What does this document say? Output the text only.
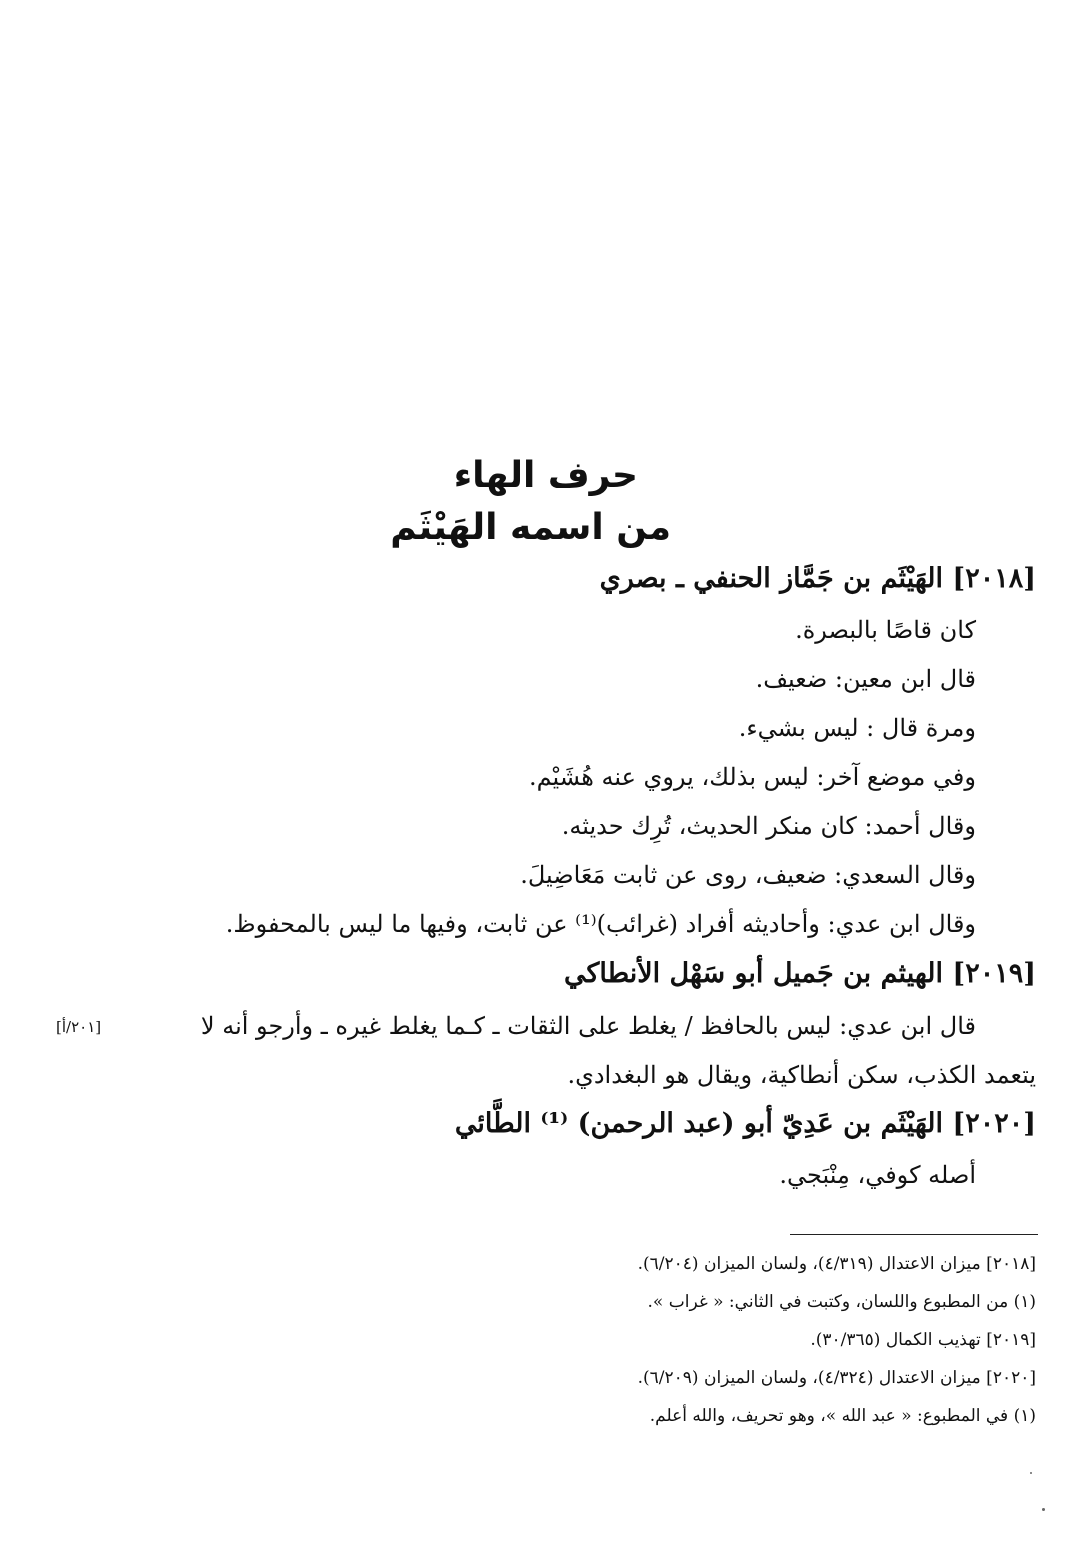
حرف الهاء
من اسمه الهَيْثَم
[٢٠١٨] الهَيْثَم بن جَمَّاز الحنفي ـ بصري
كان قاصًا بالبصرة.
قال ابن معين: ضعيف.
ومرة قال : ليس بشيء.
وفي موضع آخر: ليس بذلك، يروي عنه هُشَيْم.
وقال أحمد: كان منكر الحديث، تُرِك حديثه.
وقال السعدي: ضعيف، روى عن ثابت مَعَاضِيلَ.
وقال ابن عدي: وأحاديثه أفراد (غرائب)⁽¹⁾ عن ثابت، وفيها ما ليس بالمحفوظ.
[٢٠١٩] الهيثم بن جَميل أبو سَهْل الأنطاكي
قال ابن عدي: ليس بالحافظ / يغلط على الثقات ـ كـما يغلط غيره ـ وأرجو أنه لا
يتعمد الكذب، سكن أنطاكية، ويقال هو البغدادي.
[٢٠١/أ]
[٢٠٢٠] الهَيْثَم بن عَدِيّ أبو (عبد الرحمن) ⁽¹⁾ الطَّائي
أصله كوفي، مِنْبَجي.
[٢٠١٨] ميزان الاعتدال (٤/٣١٩)، ولسان الميزان (٦/٢٠٤).
(١) من المطبوع واللسان، وكتبت في الثاني: « غراب ».
[٢٠١٩] تهذيب الكمال (٣٠/٣٦٥).
[٢٠٢٠] ميزان الاعتدال (٤/٣٢٤)، ولسان الميزان (٦/٢٠٩).
(١) في المطبوع: « عبد الله »، وهو تحريف، والله أعلم.
